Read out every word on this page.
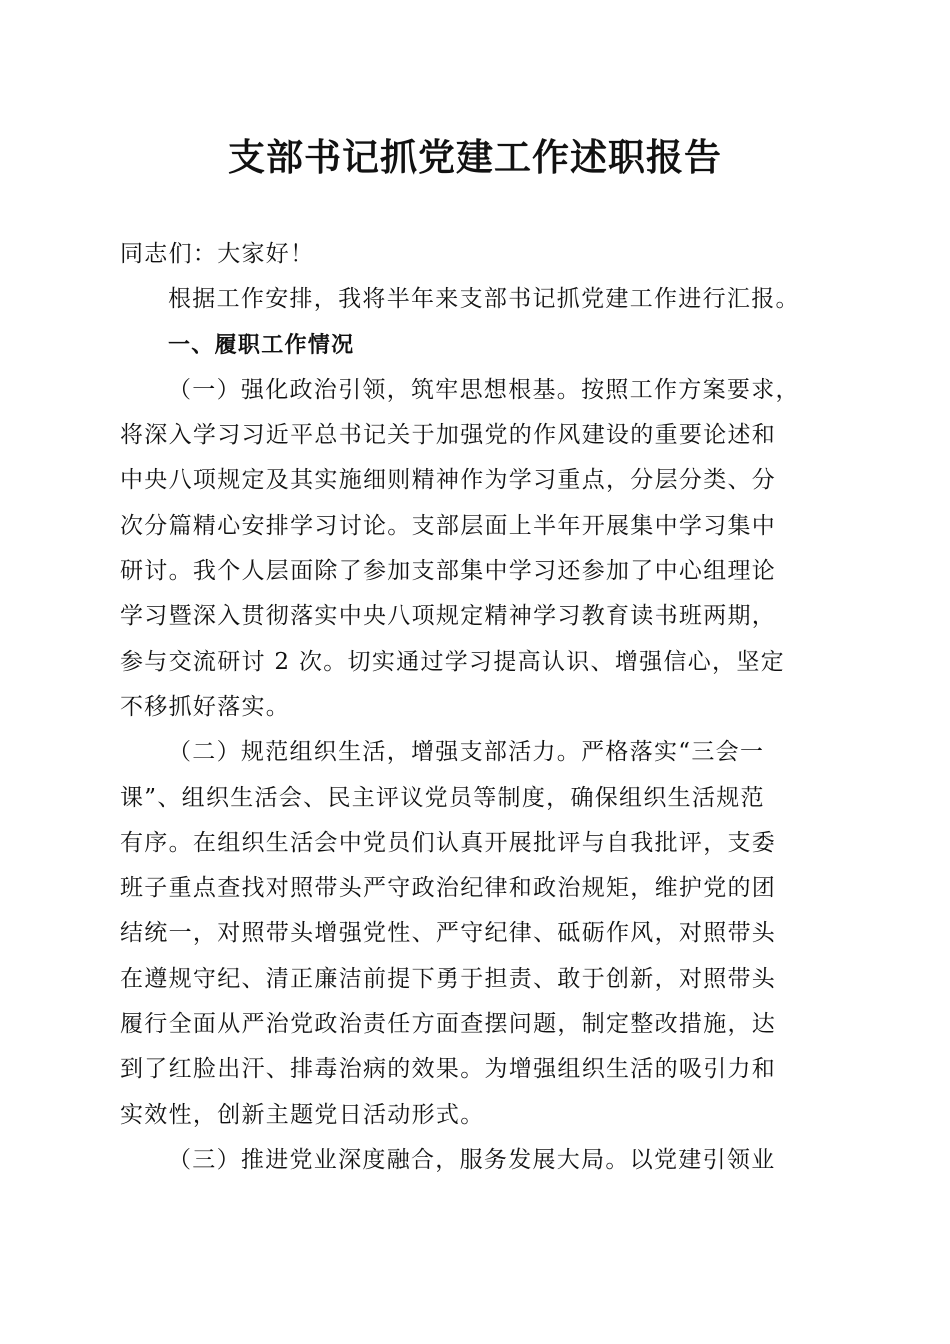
支部书记抓党建工作述职报告
同志们：大家好！
根据工作安排，我将半年来支部书记抓党建工作进行汇报。
一、履职工作情况
（一）强化政治引领，筑牢思想根基。按照工作方案要求，
将深入学习习近平总书记关于加强党的作风建设的重要论述和
中央八项规定及其实施细则精神作为学习重点，分层分类、分
次分篇精心安排学习讨论。支部层面上半年开展集中学习集中
研讨。我个人层面除了参加支部集中学习还参加了中心组理论
学习暨深入贯彻落实中央八项规定精神学习教育读书班两期，
参与交流研讨 2 次。切实通过学习提高认识、增强信心，坚定
不移抓好落实。
（二）规范组织生活，增强支部活力。严格落实“三会一
课”、组织生活会、民主评议党员等制度，确保组织生活规范
有序。在组织生活会中党员们认真开展批评与自我批评，支委
班子重点查找对照带头严守政治纪律和政治规矩，维护党的团
结统一，对照带头增强党性、严守纪律、砥砺作风，对照带头
在遵规守纪、清正廉洁前提下勇于担责、敢于创新，对照带头
履行全面从严治党政治责任方面查摆问题，制定整改措施，达
到了红脸出汗、排毒治病的效果。为增强组织生活的吸引力和
实效性，创新主题党日活动形式。
（三）推进党业深度融合，服务发展大局。以党建引领业
